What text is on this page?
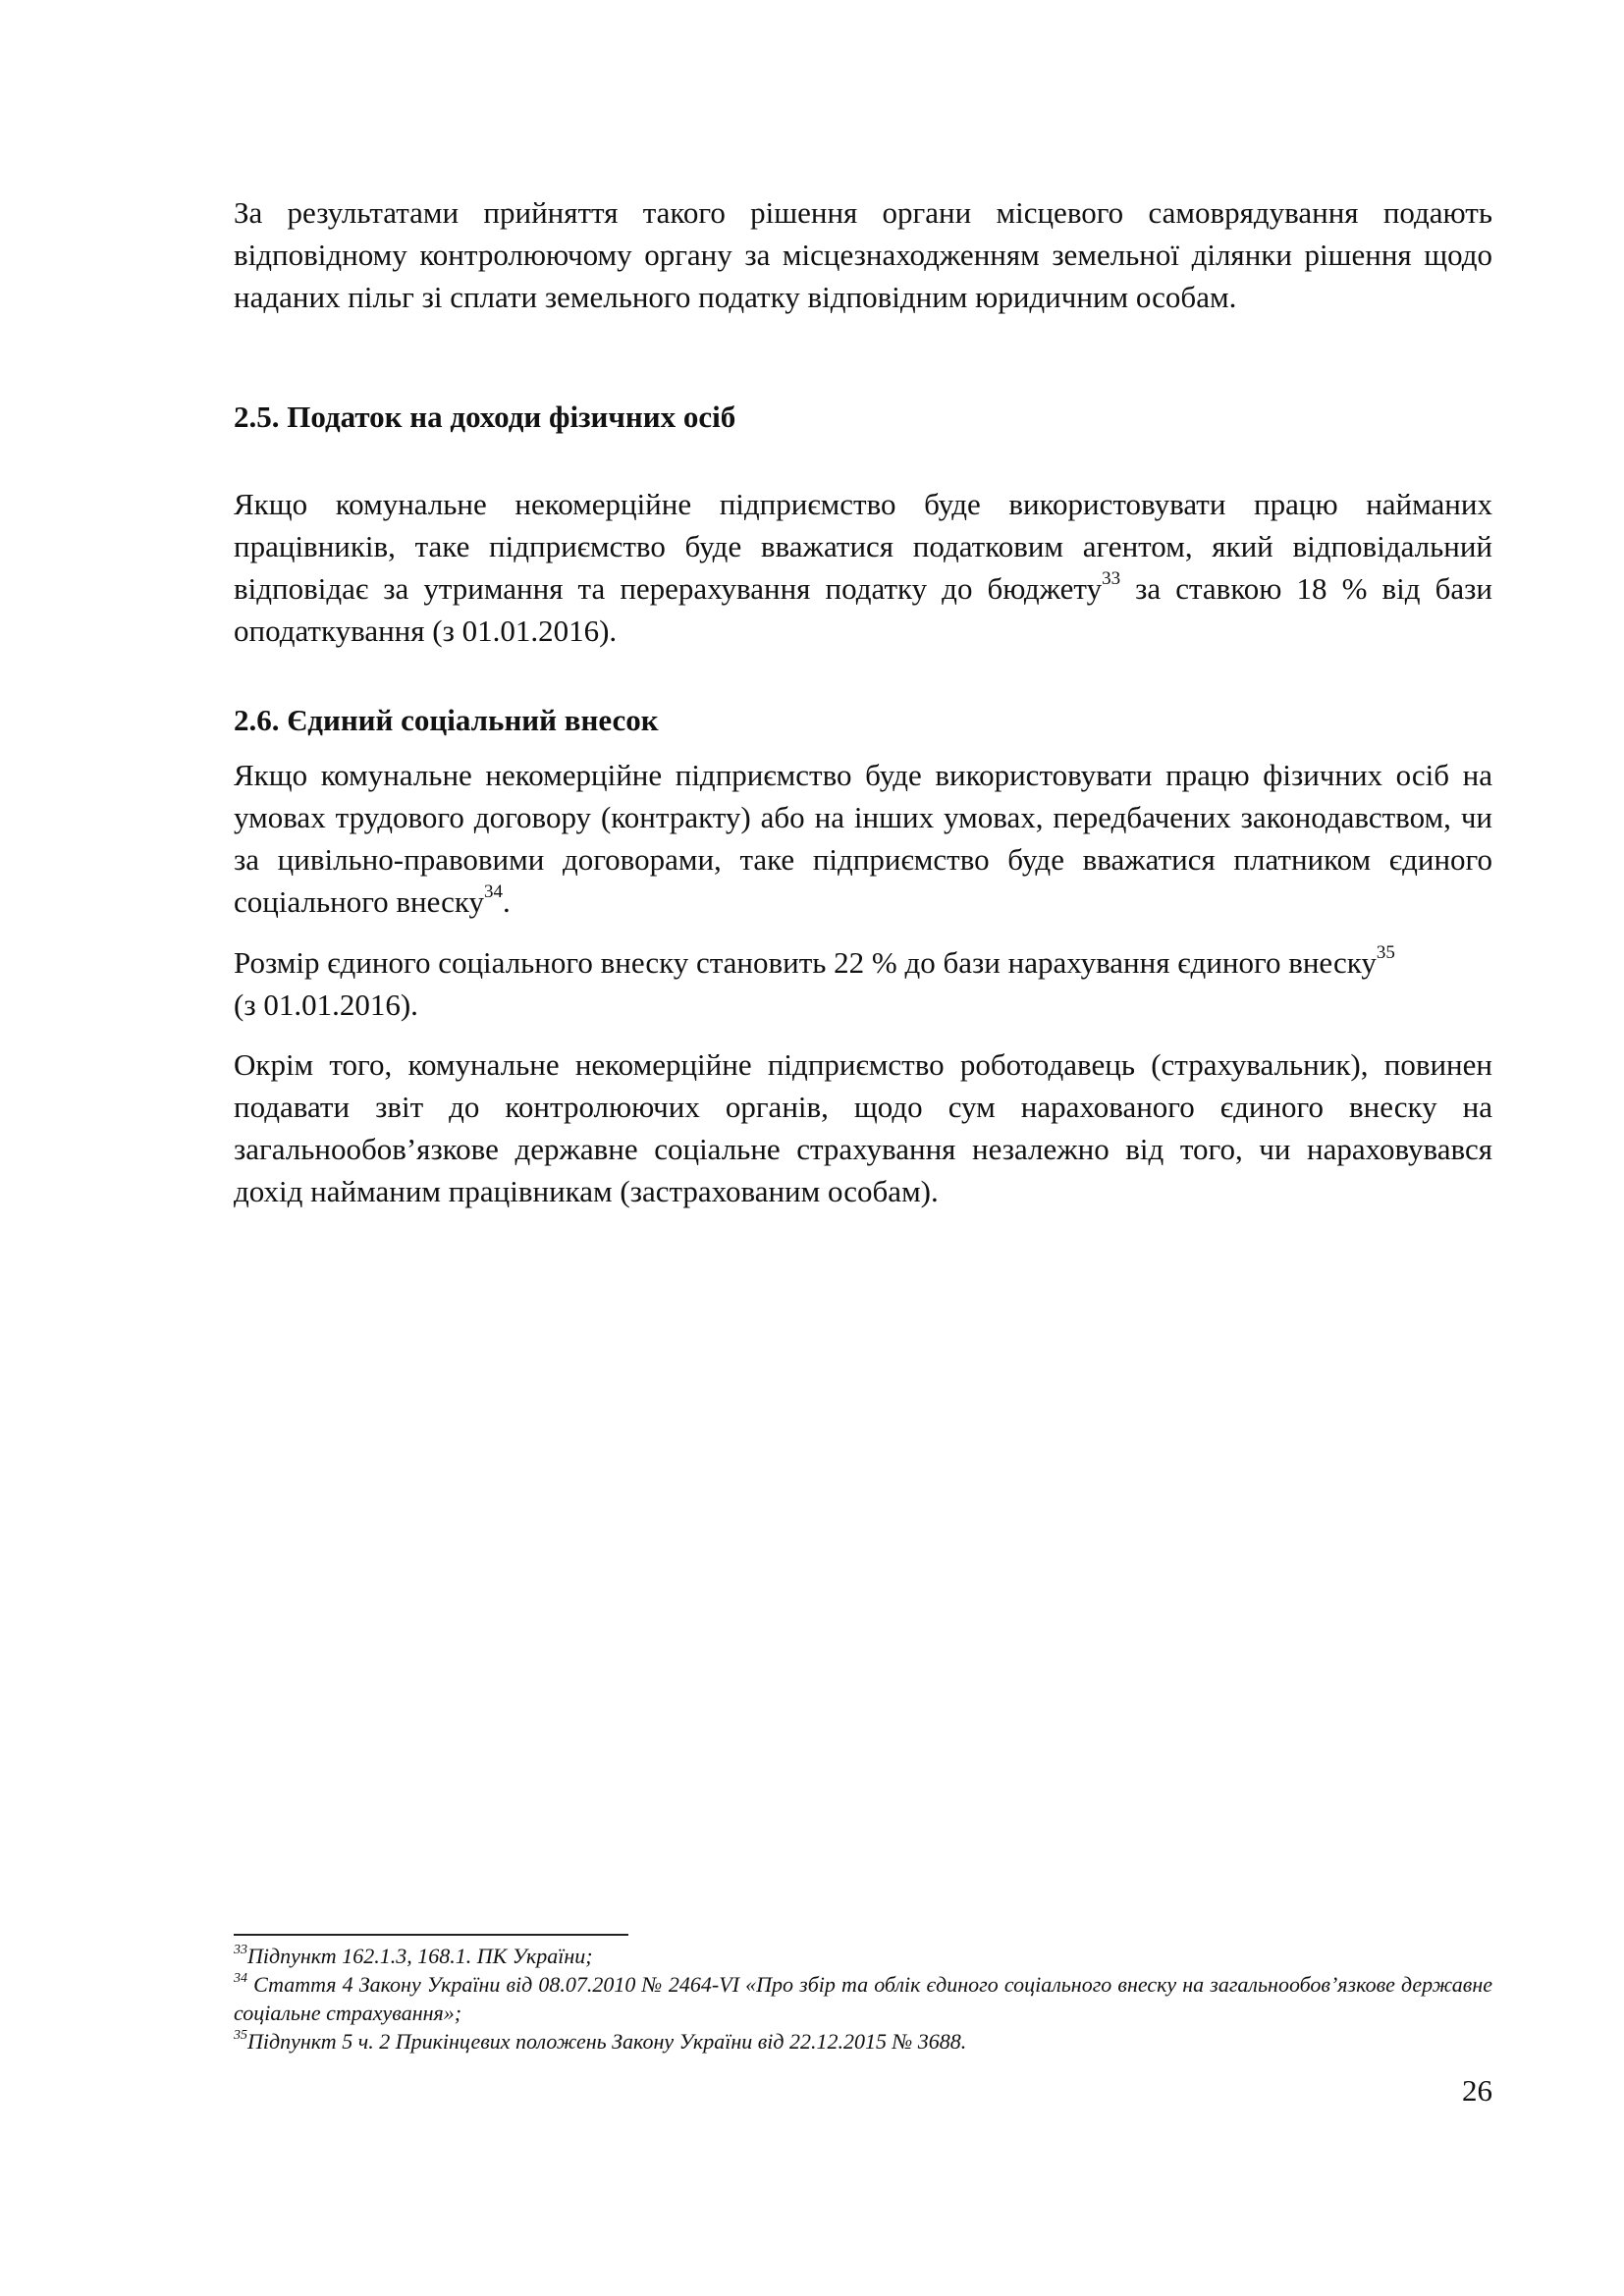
За результатами прийняття такого рішення органи місцевого самоврядування подають відповідному контролюючому органу за місцезнаходженням земельної ділянки рішення щодо наданих пільг зі сплати земельного податку відповідним юридичним особам.

2.5. Податок на доходи фізичних осіб

Якщо комунальне некомерційне підприємство буде використовувати працю найманих працівників, таке підприємство буде вважатися податковим агентом, який відповідальний відповідає за утримання та перерахування податку до бюджету$^{33}$ за ставкою 18 % від бази оподаткування (з 01.01.2016).

2.6. Єдиний соціальний внесок

Якщо комунальне некомерційне підприємство буде використовувати працю фізичних осіб на умовах трудового договору (контракту) або на інших умовах, передбачених законодавством, чи за цивільно-правовими договорами, таке підприємство буде вважатися платником єдиного соціального внеску$^{34}$.

Розмір єдиного соціального внеску становить 22 % до бази нарахування єдиного внеску$^{35}$
(з 01.01.2016).

Окрім того, комунальне некомерційне підприємство роботодавець (страхувальник), повинен подавати звіт до контролюючих органів, щодо сум нарахованого єдиного внеску на загальнообов’язкове державне соціальне страхування незалежно від того, чи нараховувався дохід найманим працівникам (застрахованим особам).

$^{33}$Підпункт 162.1.3, 168.1. ПК України;

$^{34}$ Стаття 4 Закону України від 08.07.2010 № 2464-VI «Про збір та облік єдиного соціального внеску на загальнообов’язкове державне соціальне страхування»;

$^{35}$Підпункт 5 ч. 2 Прикінцевих положень Закону України від 22.12.2015 № 3688.

26
